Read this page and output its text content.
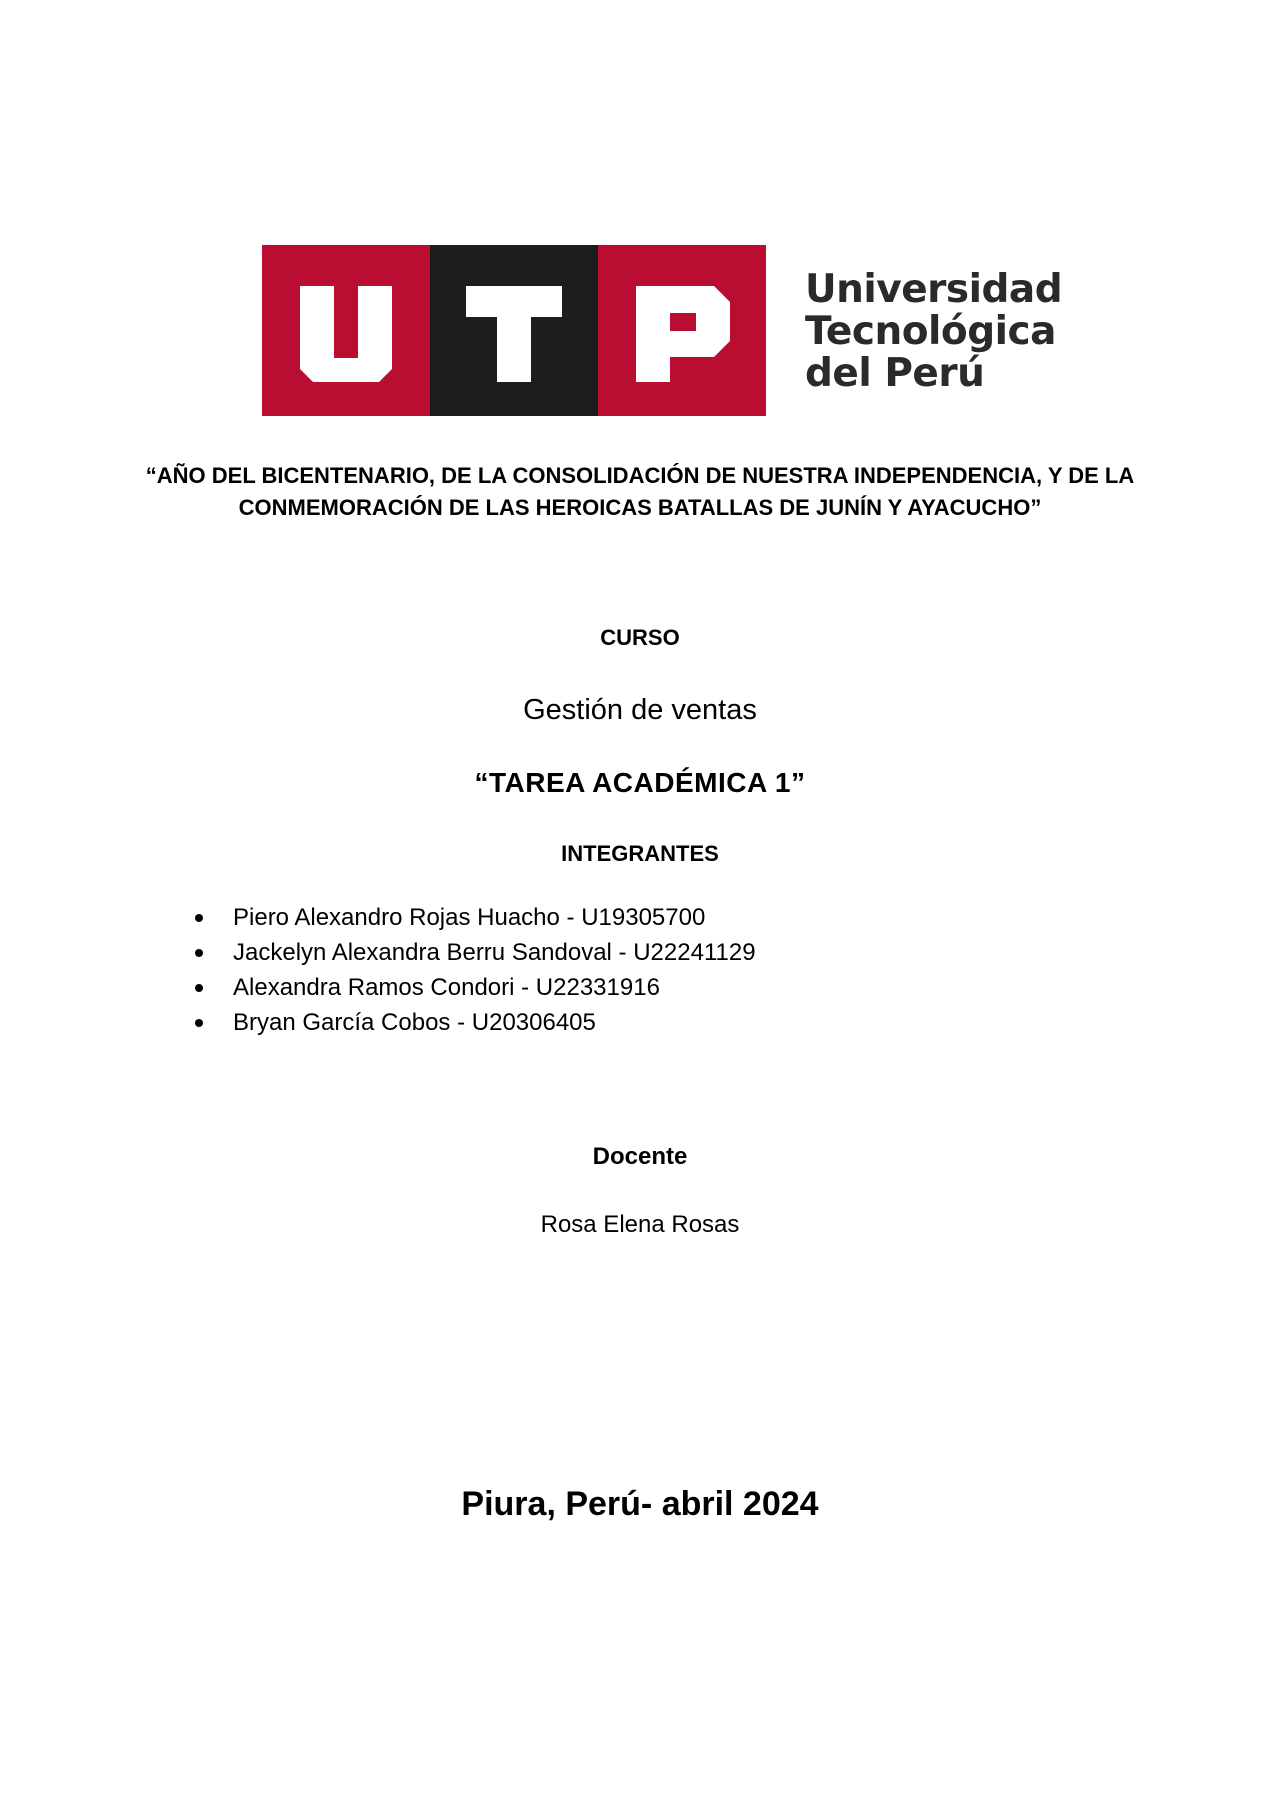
Universidad
Tecnológica
del Perú

“AÑO DEL BICENTENARIO, DE LA CONSOLIDACIÓN DE NUESTRA INDEPENDENCIA, Y DE LA CONMEMORACIÓN DE LAS HEROICAS BATALLAS DE JUNÍN Y AYACUCHO”

CURSO

Gestión de ventas

“TAREA ACADÉMICA 1”

INTEGRANTES

Piero Alexandro Rojas Huacho - U19305700
Jackelyn Alexandra Berru Sandoval - U22241129
Alexandra Ramos Condori - U22331916
Bryan García Cobos - U20306405

Docente

Rosa Elena Rosas

Piura, Perú- abril 2024
